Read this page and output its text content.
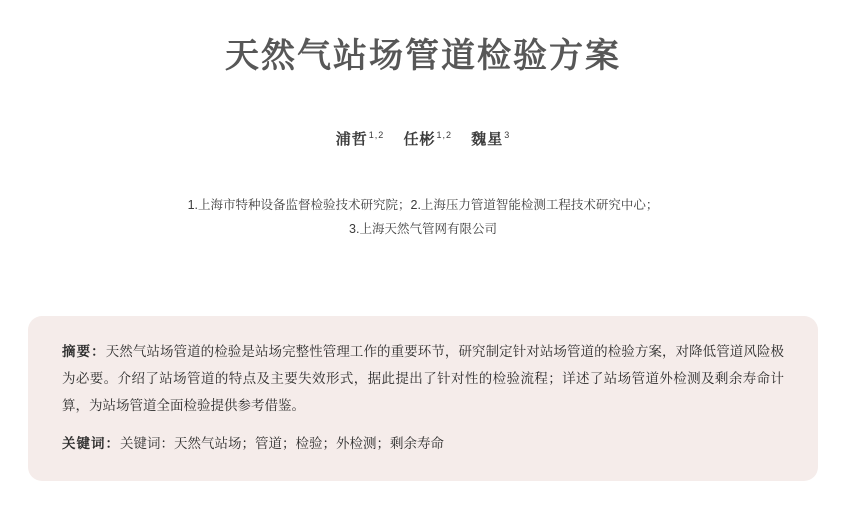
天然气站场管道检验方案
浦哲$^{1,2}$ 任彬$^{1,2}$ 魏星$^3$
1.上海市特种设备监督检验技术研究院；2.上海压力管道智能检测工程技术研究中心；
3.上海天然气管网有限公司
摘要：天然气站场管道的检验是站场完整性管理工作的重要环节，研究制定针对站场管道的检验方案，对降低管道风险极为必要。介绍了站场管道的特点及主要失效形式，据此提出了针对性的检验流程；详述了站场管道外检测及剩余寿命计算，为站场管道全面检验提供参考借鉴。
关键词：关键词：天然气站场；管道；检验；外检测；剩余寿命
